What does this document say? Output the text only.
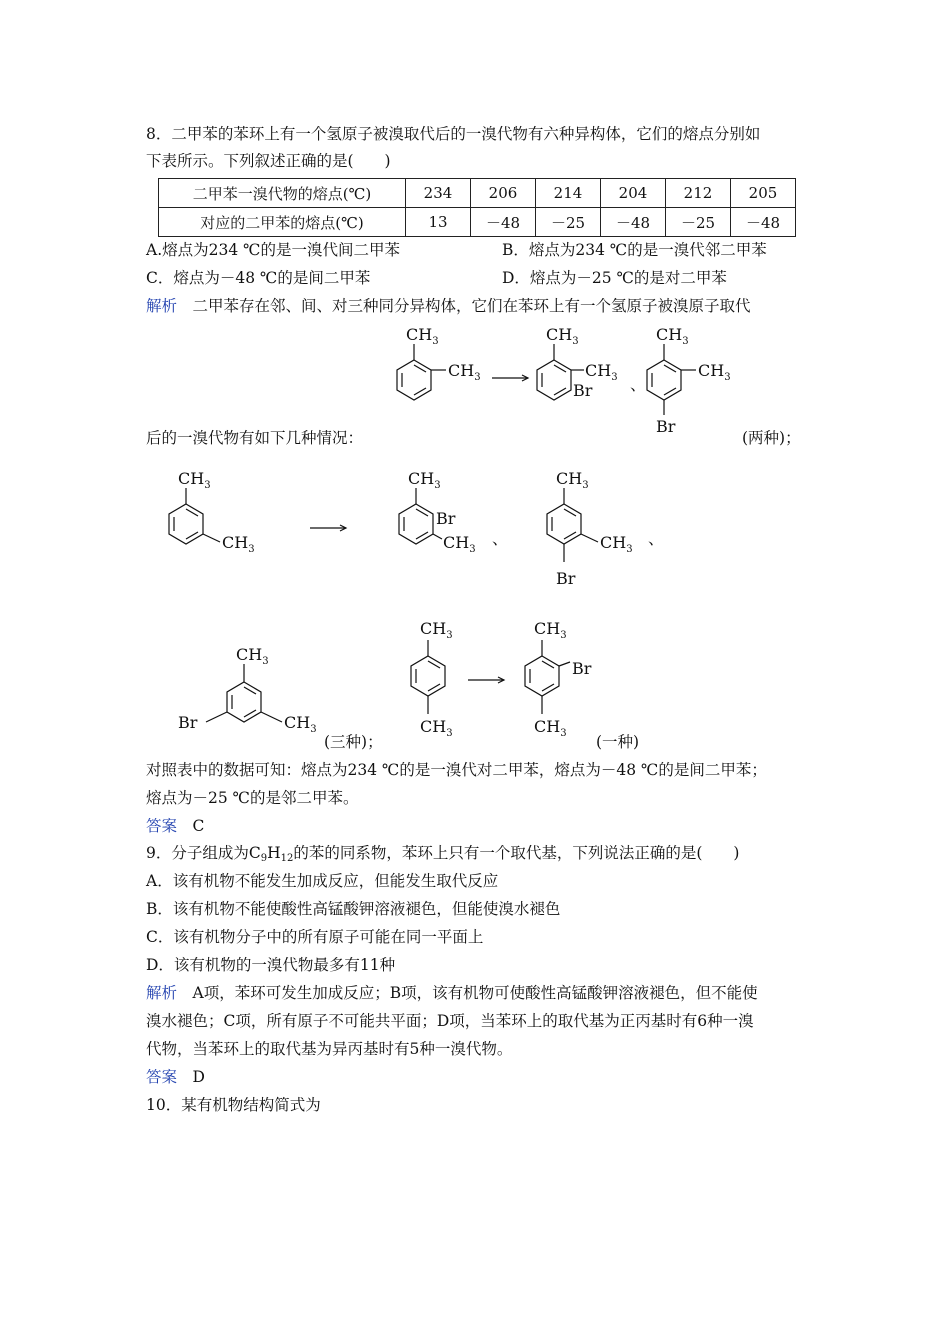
8．二甲苯的苯环上有一个氢原子被溴取代后的一溴代物有六种异构体，它们的熔点分别如
下表所示。下列叙述正确的是(　　)
二甲苯一溴代物的熔点(℃)	234	206	214	204	212	205
对应的二甲苯的熔点(℃)	13	－48	－25	－48	－25	－48
A.熔点为234 ℃的是一溴代间二甲苯	B．熔点为234 ℃的是一溴代邻二甲苯
C．熔点为－48 ℃的是间二甲苯	D．熔点为－25 ℃的是对二甲苯
解析　二甲苯存在邻、间、对三种同分异构体，它们在苯环上有一个氢原子被溴原子取代
$CH_3$
$CH_3$
$CH_3$
$CH_3$
Br 、
$CH_3$
$CH_3$
Br
后的一溴代物有如下几种情况：	(两种)；
$CH_3$
$CH_3$
$CH_3$
Br
$CH_3$
、
$CH_3$
$CH_3$
Br
、
$CH_3$
$CH_3$
Br
$CH_3$
$CH_3$
$CH_3$
Br
$CH_3$
(三种)；	(一种)
对照表中的数据可知：熔点为234 ℃的是一溴代对二甲苯，熔点为－48 ℃的是间二甲苯；
熔点为－25 ℃的是邻二甲苯。
答案　C
9．分子组成为C9H12的苯的同系物，苯环上只有一个取代基，下列说法正确的是(　　)
A．该有机物不能发生加成反应，但能发生取代反应
B．该有机物不能使酸性高锰酸钾溶液褪色，但能使溴水褪色
C．该有机物分子中的所有原子可能在同一平面上
D．该有机物的一溴代物最多有11种
解析　A项，苯环可发生加成反应；B项，该有机物可使酸性高锰酸钾溶液褪色，但不能使
溴水褪色；C项，所有原子不可能共平面；D项，当苯环上的取代基为正丙基时有6种一溴
代物，当苯环上的取代基为异丙基时有5种一溴代物。
答案　D
10．某有机物结构简式为
